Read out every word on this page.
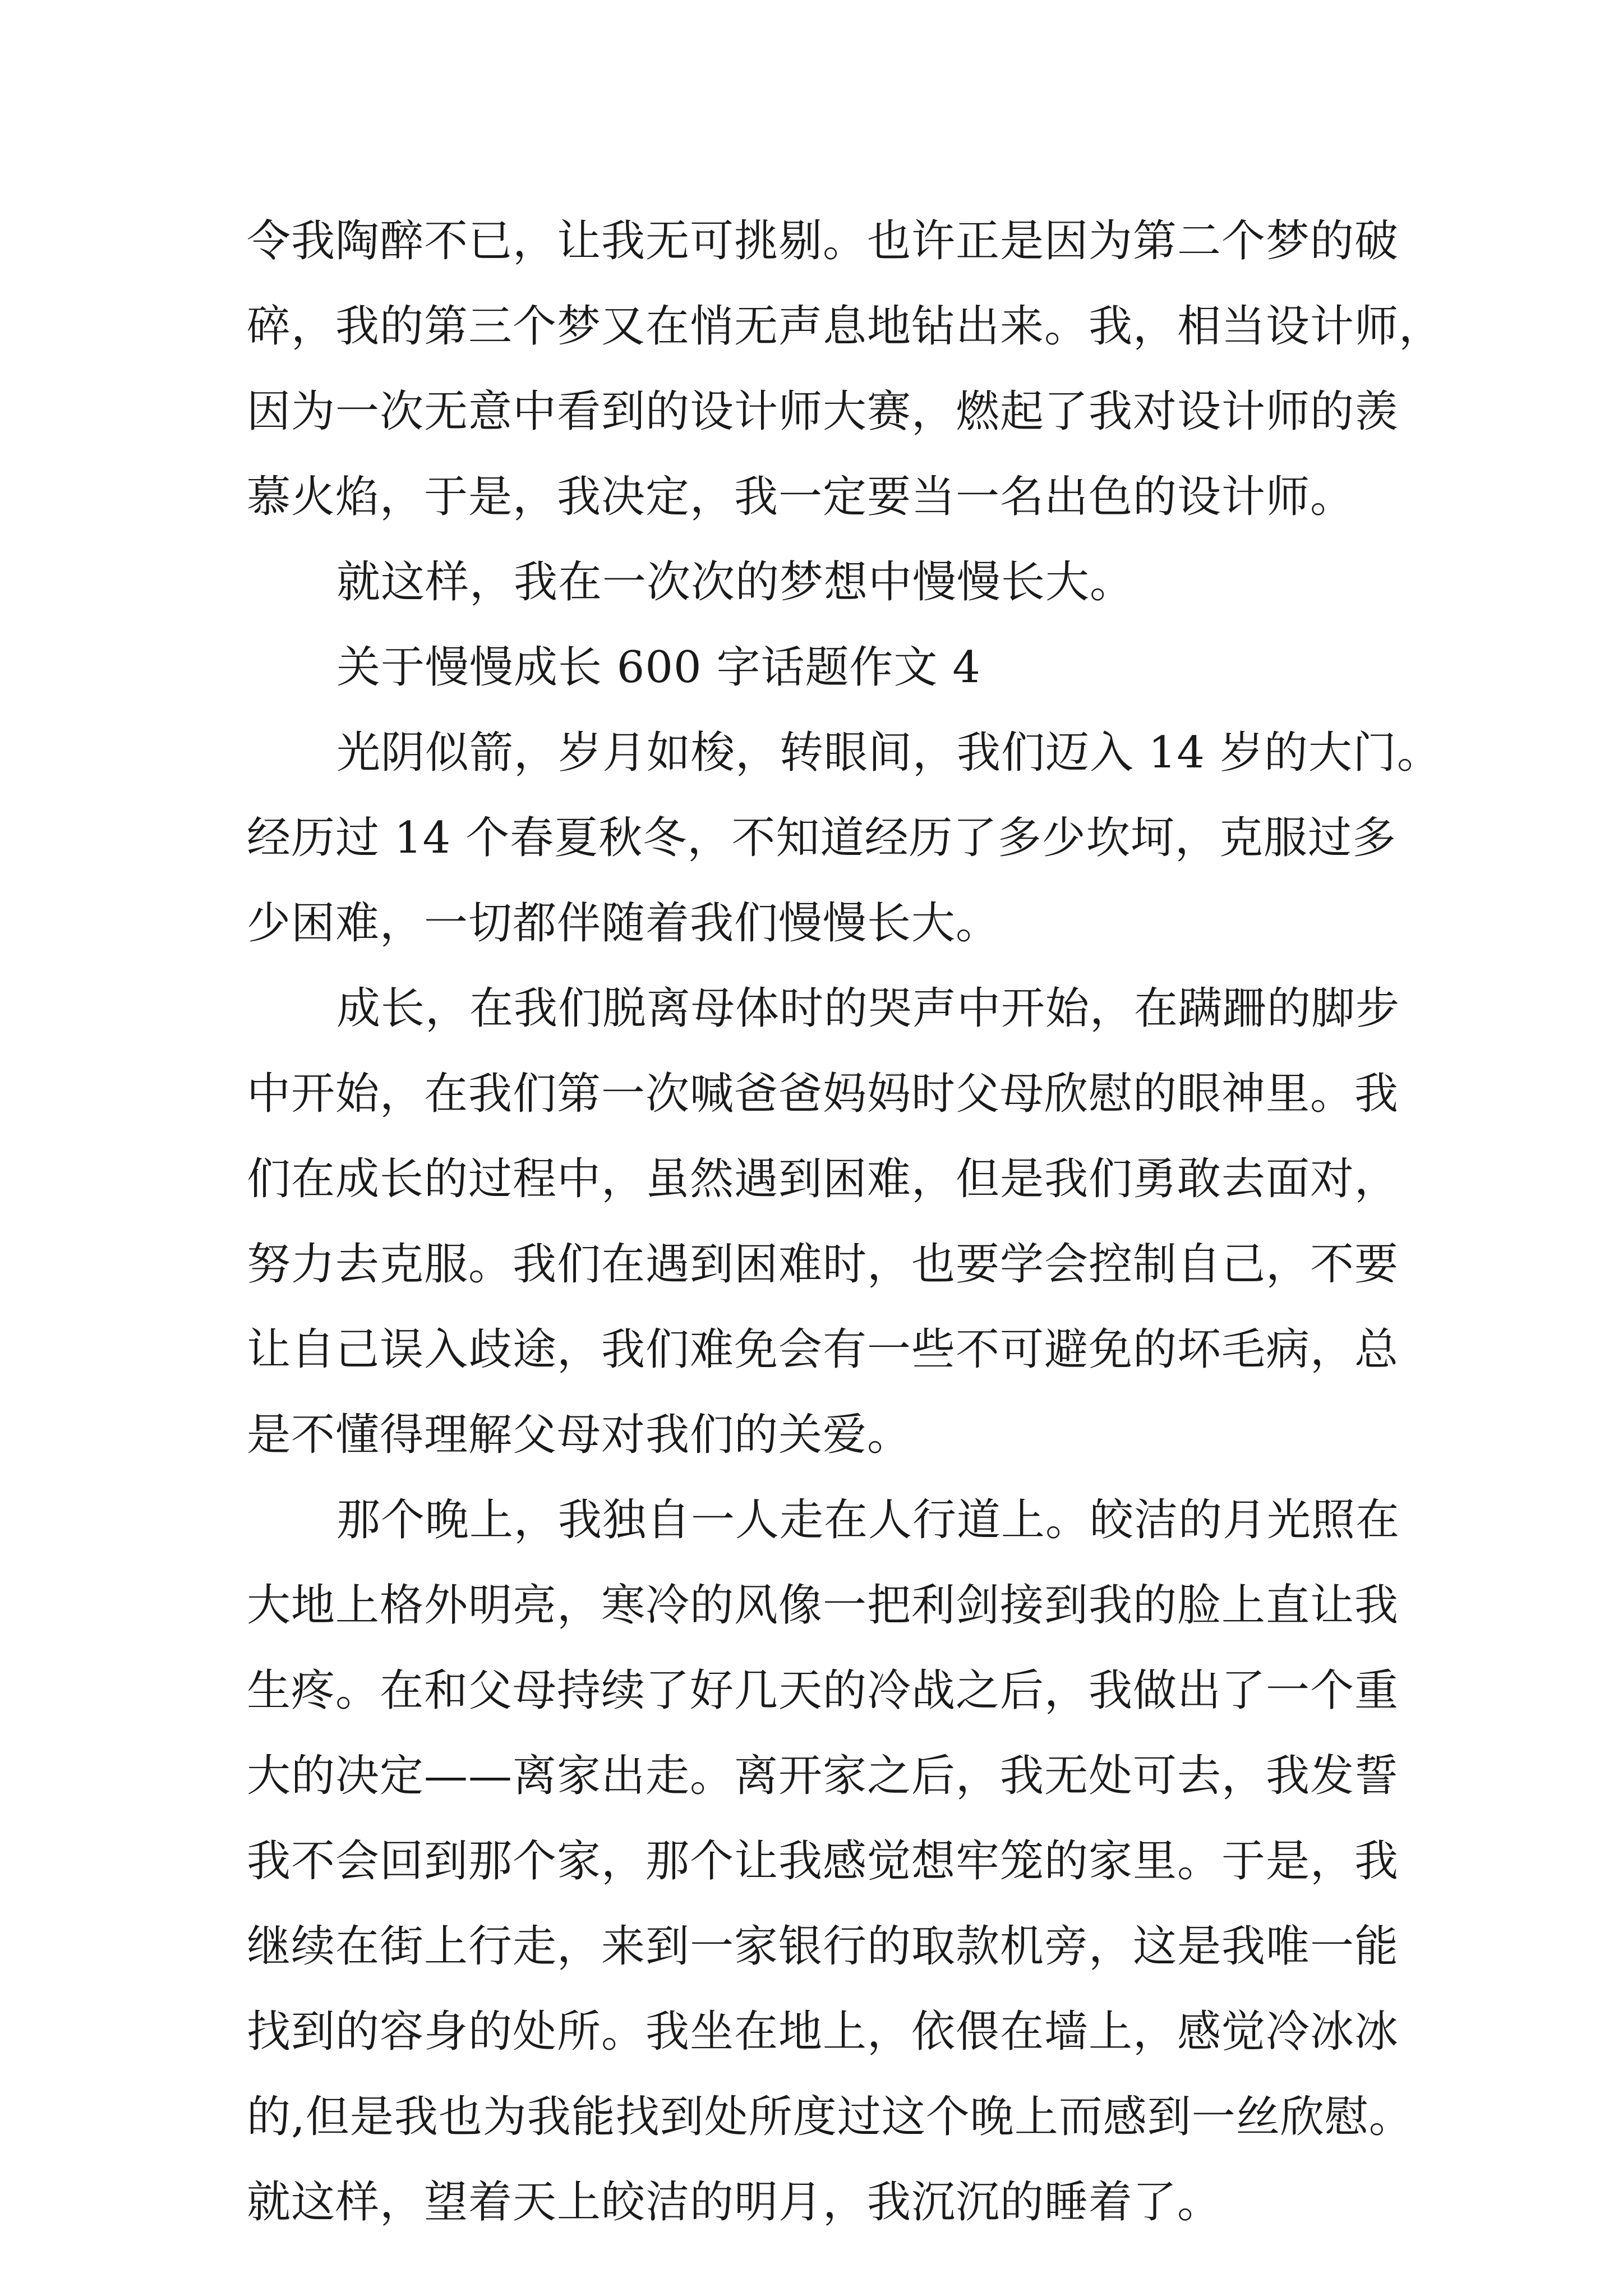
令我陶醉不已，让我无可挑剔。也许正是因为第二个梦的破
碎，我的第三个梦又在悄无声息地钻出来。我，相当设计师，
因为一次无意中看到的设计师大赛，燃起了我对设计师的羡
慕火焰，于是，我决定，我一定要当一名出色的设计师。
就这样，我在一次次的梦想中慢慢长大。
关于慢慢成长 600 字话题作文 4
光阴似箭，岁月如梭，转眼间，我们迈入 14 岁的大门。
经历过 14 个春夏秋冬，不知道经历了多少坎坷，克服过多
少困难，一切都伴随着我们慢慢长大。
成长，在我们脱离母体时的哭声中开始，在蹒跚的脚步
中开始，在我们第一次喊爸爸妈妈时父母欣慰的眼神里。我
们在成长的过程中，虽然遇到困难，但是我们勇敢去面对，
努力去克服。我们在遇到困难时，也要学会控制自己，不要
让自己误入歧途，我们难免会有一些不可避免的坏毛病，总
是不懂得理解父母对我们的关爱。
那个晚上，我独自一人走在人行道上。皎洁的月光照在
大地上格外明亮，寒冷的风像一把利剑接到我的脸上直让我
生疼。在和父母持续了好几天的冷战之后，我做出了一个重
大的决定——离家出走。离开家之后，我无处可去，我发誓
我不会回到那个家，那个让我感觉想牢笼的家里。于是，我
继续在街上行走，来到一家银行的取款机旁，这是我唯一能
找到的容身的处所。我坐在地上，依偎在墙上，感觉冷冰冰
的,但是我也为我能找到处所度过这个晚上而感到一丝欣慰。
就这样，望着天上皎洁的明月，我沉沉的睡着了。
